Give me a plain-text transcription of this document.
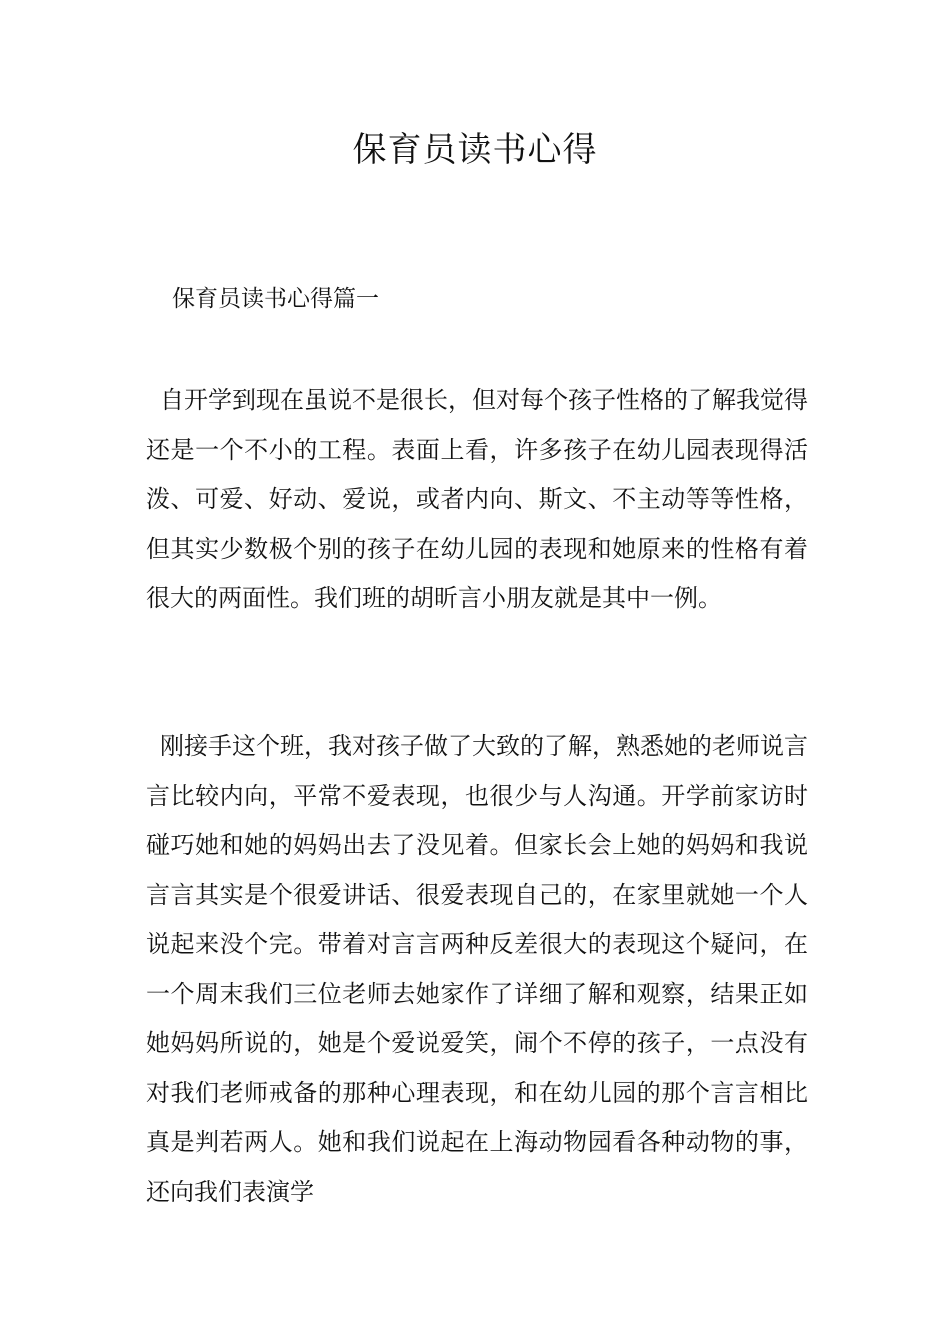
保育员读书心得
保育员读书心得篇一

自开学到现在虽说不是很长，但对每个孩子性格的了解我觉得还是一个不小的工程。表面上看，许多孩子在幼儿园表现得活泼、可爱、好动、爱说，或者内向、斯文、不主动等等性格，但其实少数极个别的孩子在幼儿园的表现和她原来的性格有着很大的两面性。我们班的胡昕言小朋友就是其中一例。

刚接手这个班，我对孩子做了大致的了解，熟悉她的老师说言言比较内向，平常不爱表现，也很少与人沟通。开学前家访时碰巧她和她的妈妈出去了没见着。但家长会上她的妈妈和我说言言其实是个很爱讲话、很爱表现自己的，在家里就她一个人说起来没个完。带着对言言两种反差很大的表现这个疑问，在一个周末我们三位老师去她家作了详细了解和观察，结果正如她妈妈所说的，她是个爱说爱笑，闹个不停的孩子，一点没有对我们老师戒备的那种心理表现，和在幼儿园的那个言言相比真是判若两人。她和我们说起在上海动物园看各种动物的事，还向我们表演学
